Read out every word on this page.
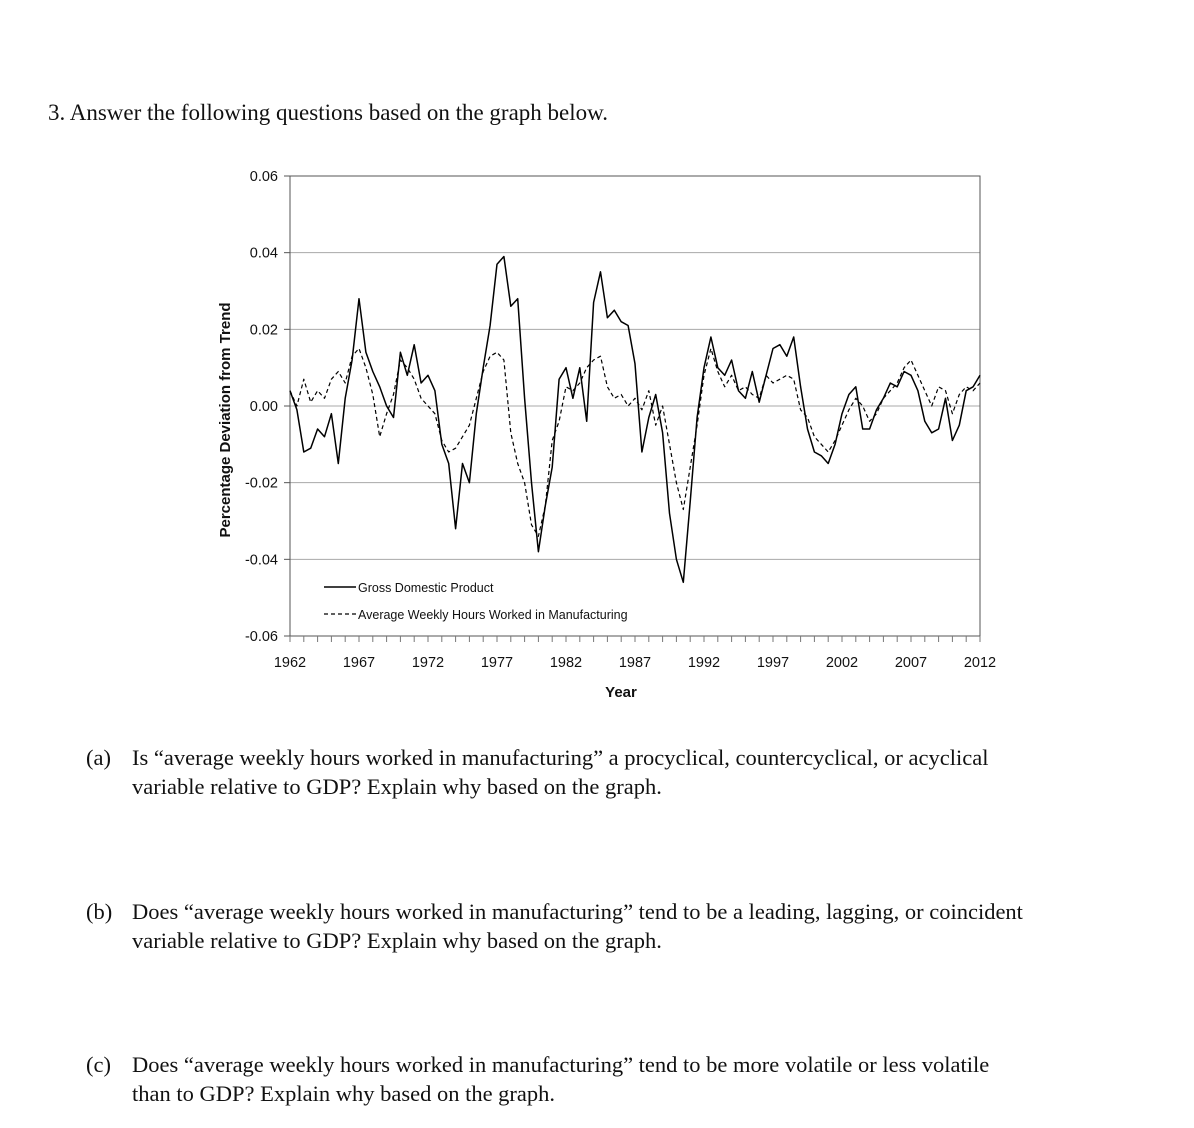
3. Answer the following questions based on the graph below.
0.06
0.04
0.02
0.00
-0.02
-0.04
-0.06
1962	1967	1972	1977	1982	1987	1992	1997	2002	2007	2012
Gross Domestic Product
Average Weekly Hours Worked in Manufacturing
Year
Percentage Deviation from Trend
(a) Is “average weekly hours worked in manufacturing” a procyclical, countercyclical, or acyclical
variable relative to GDP? Explain why based on the graph.
(b) Does “average weekly hours worked in manufacturing” tend to be a leading, lagging, or coincident
variable relative to GDP? Explain why based on the graph.
(c) Does “average weekly hours worked in manufacturing” tend to be more volatile or less volatile
than to GDP? Explain why based on the graph.
